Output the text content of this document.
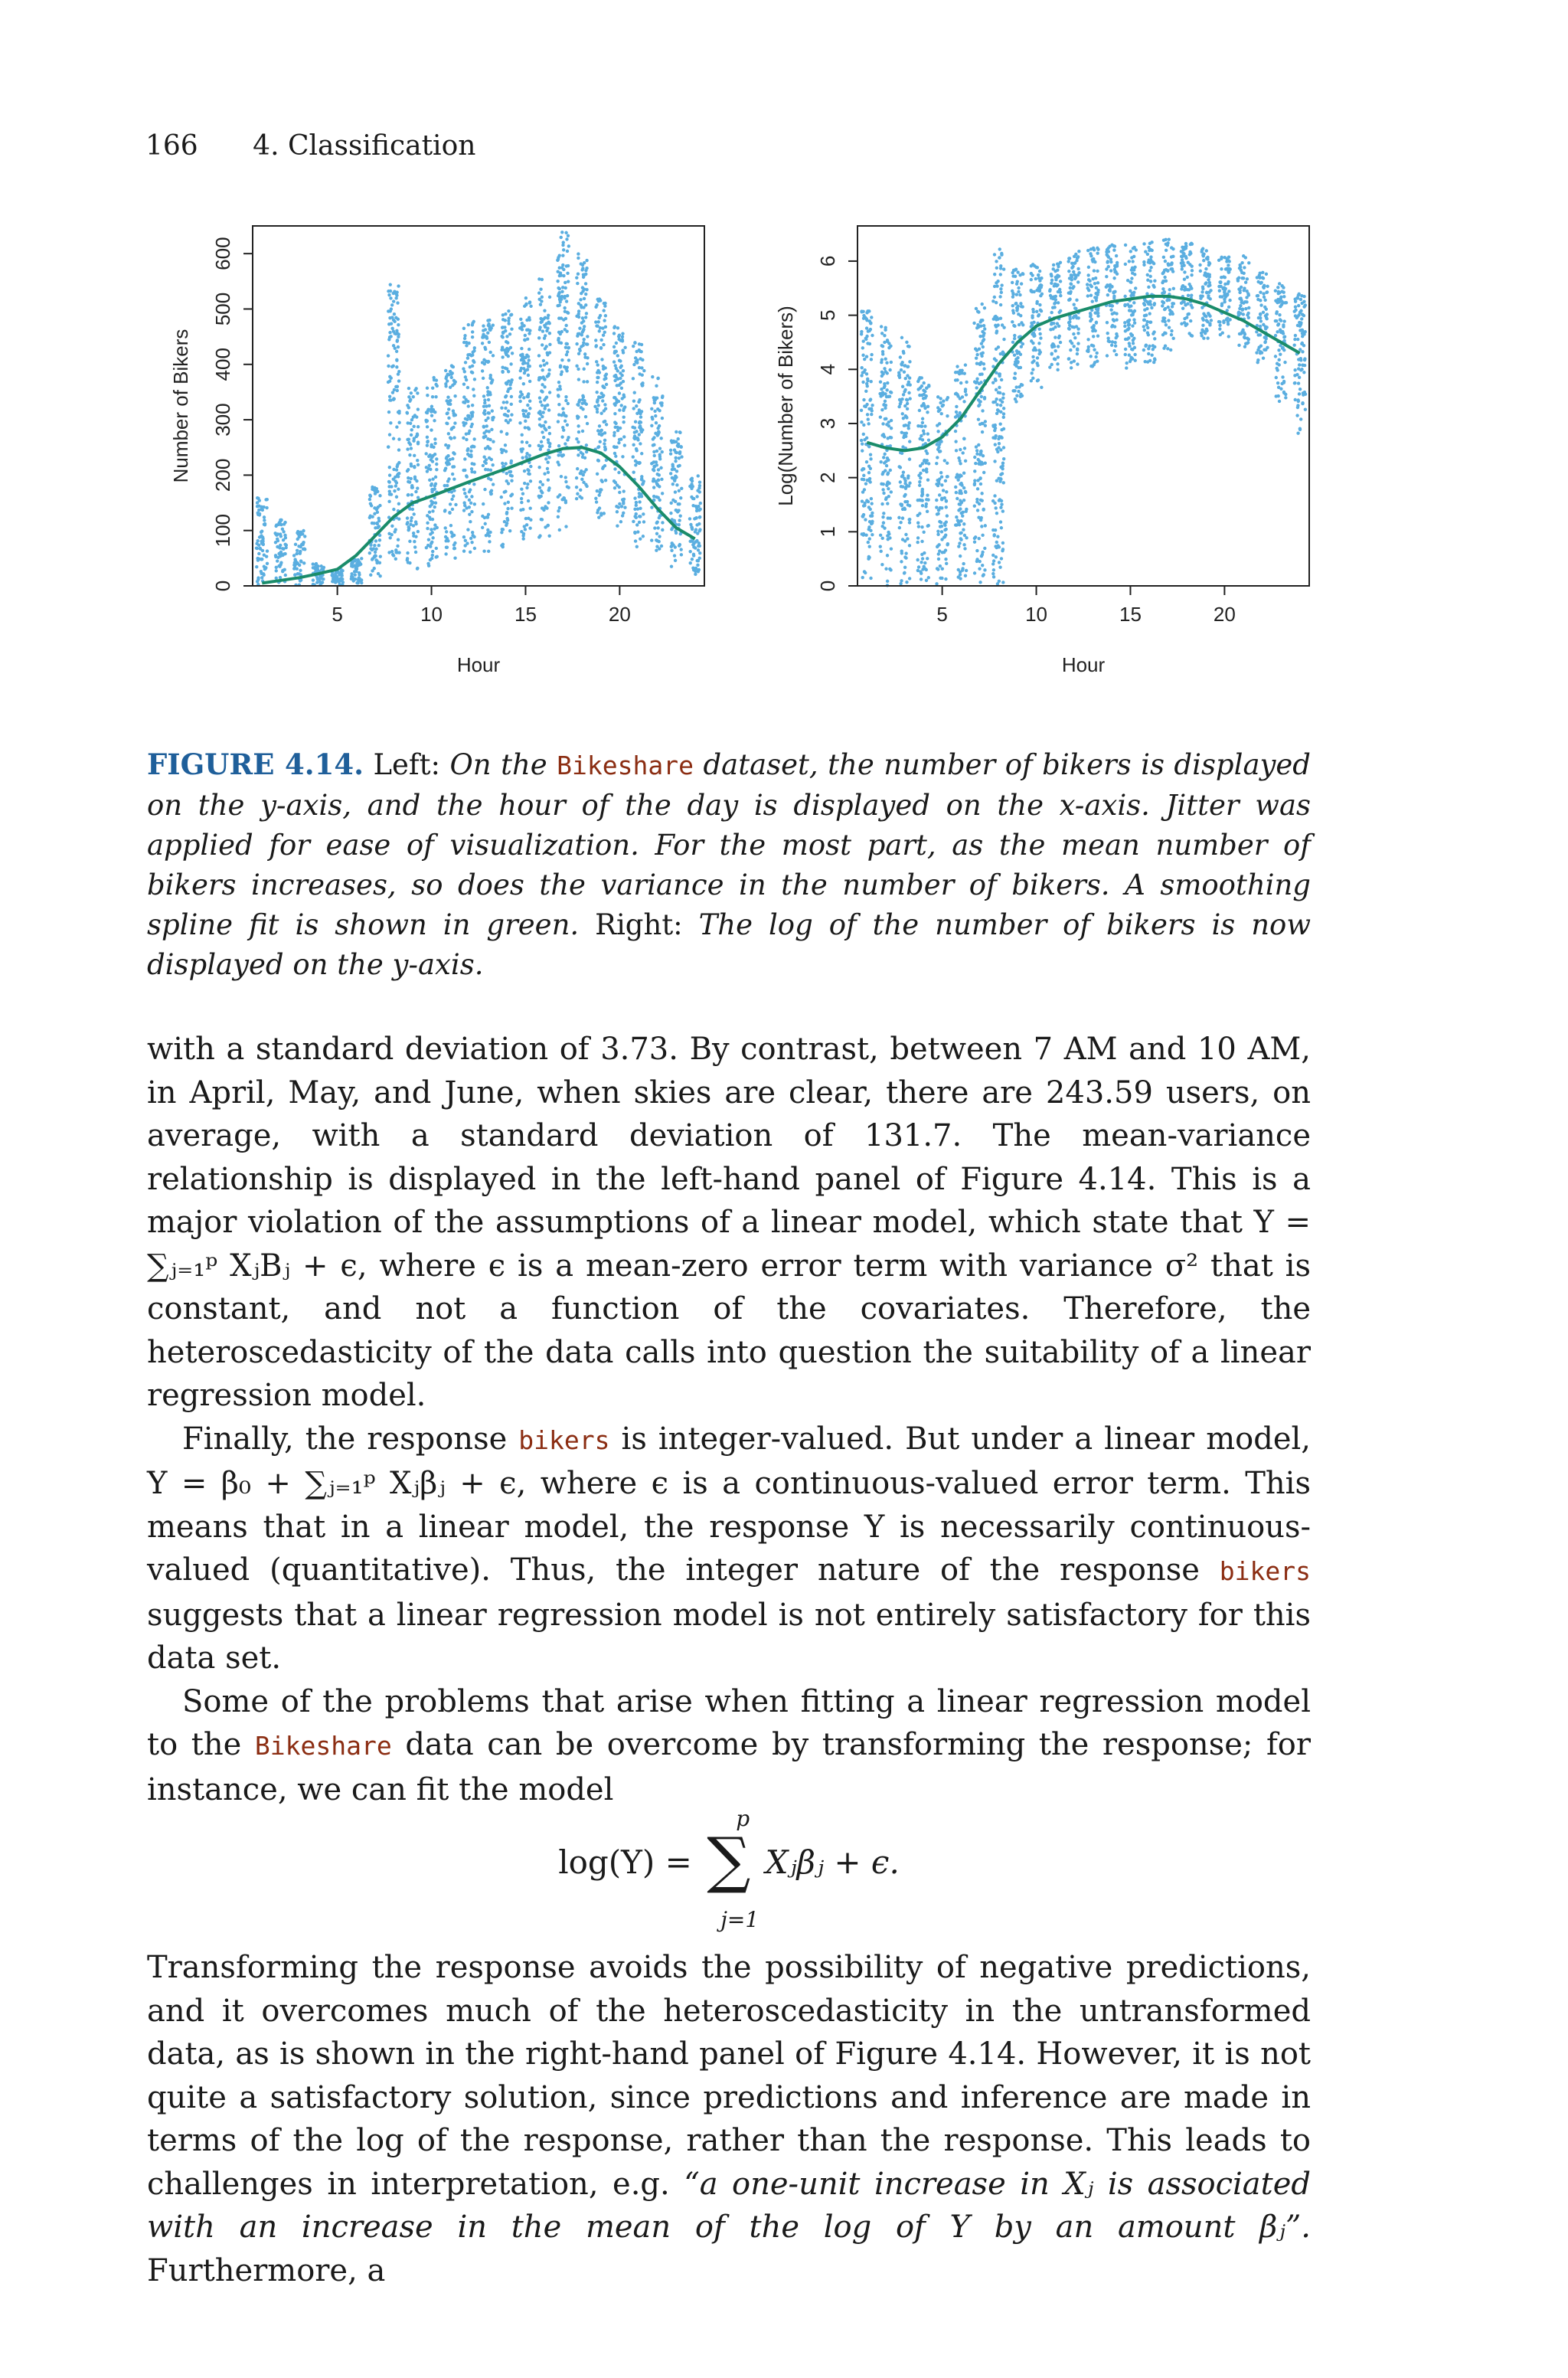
166 4. Classification
5	10	15	20
0
100
200
300
400
500
600
Hour
Number of Bikers
5	10	15	20
0
1
2
3
4
5
6
Hour
Log(Number of Bikers)
FIGURE 4.14. Left: On the Bikeshare dataset, the number of bikers is displayed on the y-axis, and the hour of the day is displayed on the x-axis. Jitter was applied for ease of visualization. For the most part, as the mean number of bikers increases, so does the variance in the number of bikers. A smoothing spline fit is shown in green. Right: The log of the number of bikers is now displayed on the y-axis.

with a standard deviation of 3.73. By contrast, between 7 AM and 10 AM, in April, May, and June, when skies are clear, there are 243.59 users, on average, with a standard deviation of 131.7. The mean-variance relationship is displayed in the left-hand panel of Figure 4.14. This is a major violation of the assumptions of a linear model, which state that Y = ∑ⱼ₌₁ᵖ XⱼΒⱼ + ϵ, where ϵ is a mean-zero error term with variance σ² that is constant, and not a function of the covariates. Therefore, the heteroscedasticity of the data calls into question the suitability of a linear regression model.

Finally, the response bikers is integer-valued. But under a linear model, Y = β₀ + ∑ⱼ₌₁ᵖ Xⱼβⱼ + ϵ, where ϵ is a continuous-valued error term. This means that in a linear model, the response Y is necessarily continuous-valued (quantitative). Thus, the integer nature of the response bikers suggests that a linear regression model is not entirely satisfactory for this data set.

Some of the problems that arise when fitting a linear regression model to the Bikeshare data can be overcome by transforming the response; for instance, we can fit the model

log(Y) = ∑ Xⱼβⱼ + ϵ.
p
j=1

Transforming the response avoids the possibility of negative predictions, and it overcomes much of the heteroscedasticity in the untransformed data, as is shown in the right-hand panel of Figure 4.14. However, it is not quite a satisfactory solution, since predictions and inference are made in terms of the log of the response, rather than the response. This leads to challenges in interpretation, e.g. “a one-unit increase in Xⱼ is associated with an increase in the mean of the log of Y by an amount βⱼ”. Furthermore, a
